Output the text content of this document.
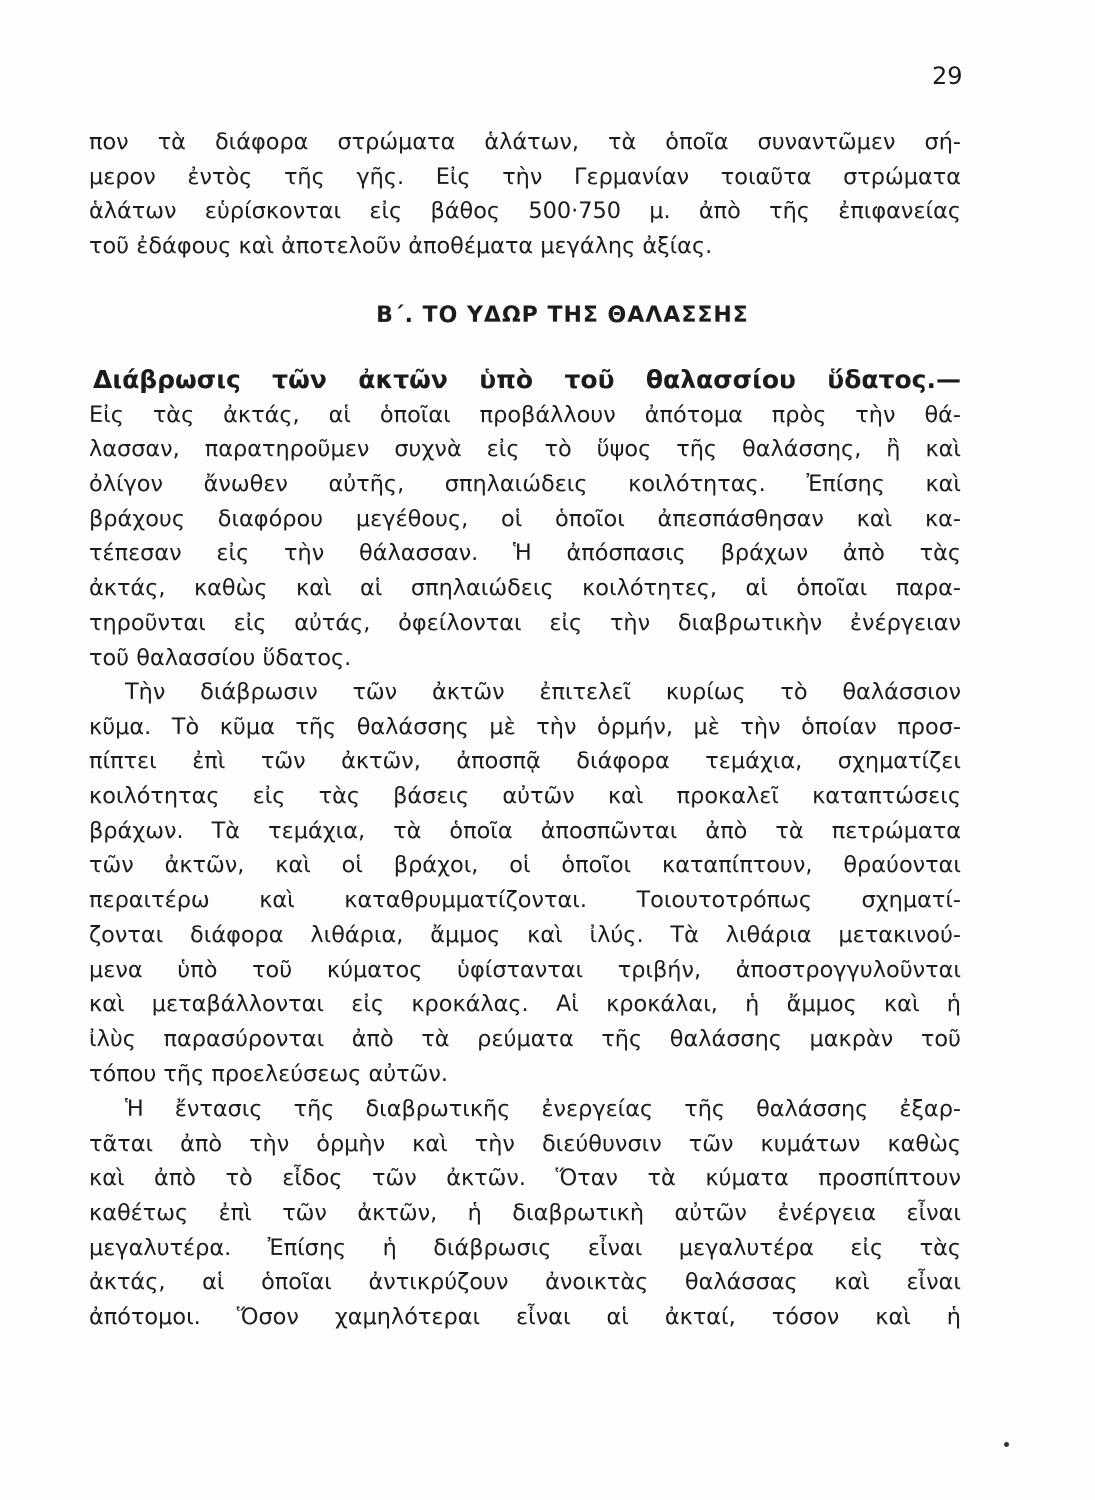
29
πον τὰ διάφορα στρώματα ἁλάτων, τὰ ὁποῖα συναντῶμεν σή-
μερον ἐντὸς τῆς γῆς. Εἰς τὴν Γερμανίαν τοιαῦτα στρώματα
ἁλάτων εὑρίσκονται εἰς βάθος 500·750 μ. ἀπὸ τῆς ἐπιφανείας
τοῦ ἐδάφους καὶ ἀποτελοῦν ἀποθέματα μεγάλης ἀξίας.
Β΄. ΤΟ ΥΔΩΡ ΤΗΣ ΘΑΛΑΣΣΗΣ
Διάβρωσις τῶν ἀκτῶν ὑπὸ τοῦ θαλασσίου ὕδατος.—
Εἰς τὰς ἀκτάς, αἱ ὁποῖαι προβάλλουν ἀπότομα πρὸς τὴν θά-
λασσαν, παρατηροῦμεν συχνὰ εἰς τὸ ὕψος τῆς θαλάσσης, ἢ καὶ
ὀλίγον ἄνωθεν αὐτῆς, σπηλαιώδεις κοιλότητας. Ἐπίσης καὶ
βράχους διαφόρου μεγέθους, οἱ ὁποῖοι ἀπεσπάσθησαν καὶ κα-
τέπεσαν εἰς τὴν θάλασσαν. Ἡ ἀπόσπασις βράχων ἀπὸ τὰς
ἀκτάς, καθὼς καὶ αἱ σπηλαιώδεις κοιλότητες, αἱ ὁποῖαι παρα-
τηροῦνται εἰς αὐτάς, ὀφείλονται εἰς τὴν διαβρωτικὴν ἐνέργειαν
τοῦ θαλασσίου ὕδατος.
Τὴν διάβρωσιν τῶν ἀκτῶν ἐπιτελεῖ κυρίως τὸ θαλάσσιον
κῦμα. Τὸ κῦμα τῆς θαλάσσης μὲ τὴν ὁρμήν, μὲ τὴν ὁποίαν προσ-
πίπτει ἐπὶ τῶν ἀκτῶν, ἀποσπᾷ διάφορα τεμάχια, σχηματίζει
κοιλότητας εἰς τὰς βάσεις αὐτῶν καὶ προκαλεῖ καταπτώσεις
βράχων. Τὰ τεμάχια, τὰ ὁποῖα ἀποσπῶνται ἀπὸ τὰ πετρώματα
τῶν ἀκτῶν, καὶ οἱ βράχοι, οἱ ὁποῖοι καταπίπτουν, θραύονται
περαιτέρω καὶ καταθρυμματίζονται. Τοιουτοτρόπως σχηματί-
ζονται διάφορα λιθάρια, ἄμμος καὶ ἰλύς. Τὰ λιθάρια μετακινού-
μενα ὑπὸ τοῦ κύματος ὑφίστανται τριβήν, ἀποστρογγυλοῦνται
καὶ μεταβάλλονται εἰς κροκάλας. Αἱ κροκάλαι, ἡ ἄμμος καὶ ἡ
ἰλὺς παρασύρονται ἀπὸ τὰ ρεύματα τῆς θαλάσσης μακρὰν τοῦ
τόπου τῆς προελεύσεως αὐτῶν.
Ἡ ἔντασις τῆς διαβρωτικῆς ἐνεργείας τῆς θαλάσσης ἐξαρ-
τᾶται ἀπὸ τὴν ὁρμὴν καὶ τὴν διεύθυνσιν τῶν κυμάτων καθὼς
καὶ ἀπὸ τὸ εἶδος τῶν ἀκτῶν. Ὅταν τὰ κύματα προσπίπτουν
καθέτως ἐπὶ τῶν ἀκτῶν, ἡ διαβρωτικὴ αὐτῶν ἐνέργεια εἶναι
μεγαλυτέρα. Ἐπίσης ἡ διάβρωσις εἶναι μεγαλυτέρα εἰς τὰς
ἀκτάς, αἱ ὁποῖαι ἀντικρύζουν ἀνοικτὰς θαλάσσας καὶ εἶναι
ἀπότομοι. Ὅσον χαμηλότεραι εἶναι αἱ ἀκταί, τόσον καὶ ἡ
